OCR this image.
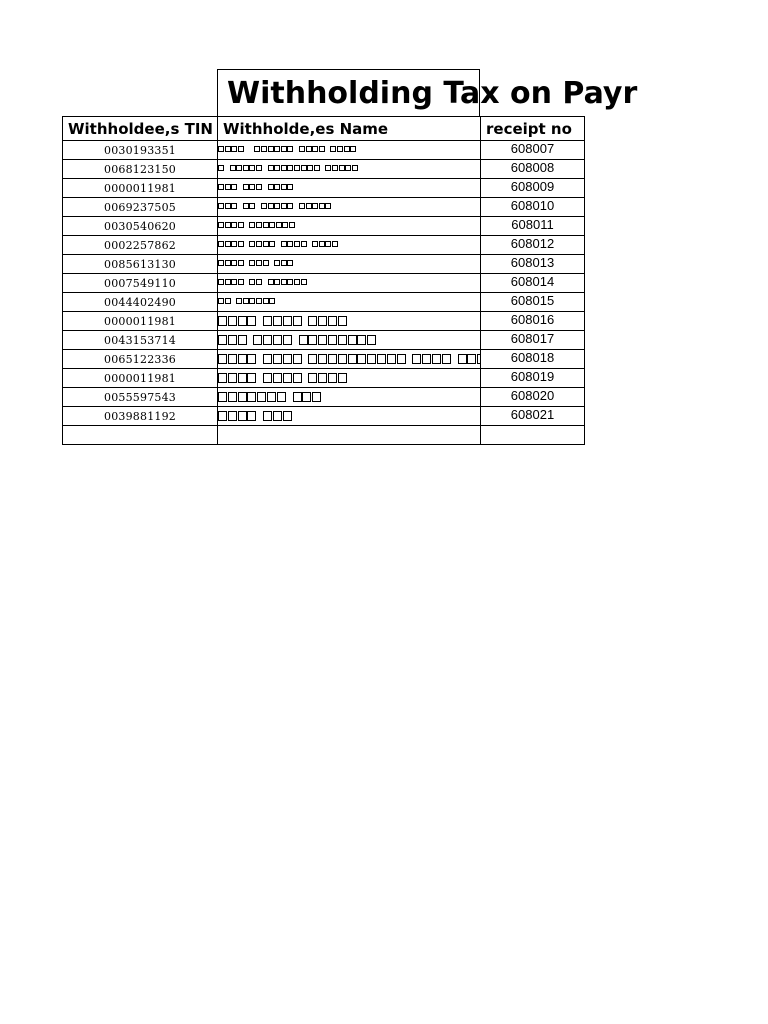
Withholding Tax on Payr
Withholdee,s TIN	Withholde,es Name	receipt no
0030193351		608007
0068123150		608008
0000011981		608009
0069237505		608010
0030540620		608011
0002257862		608012
0085613130		608013
0007549110		608014
0044402490		608015
0000011981		608016
0043153714		608017
0065122336		608018
0000011981		608019
0055597543		608020
0039881192		608021
